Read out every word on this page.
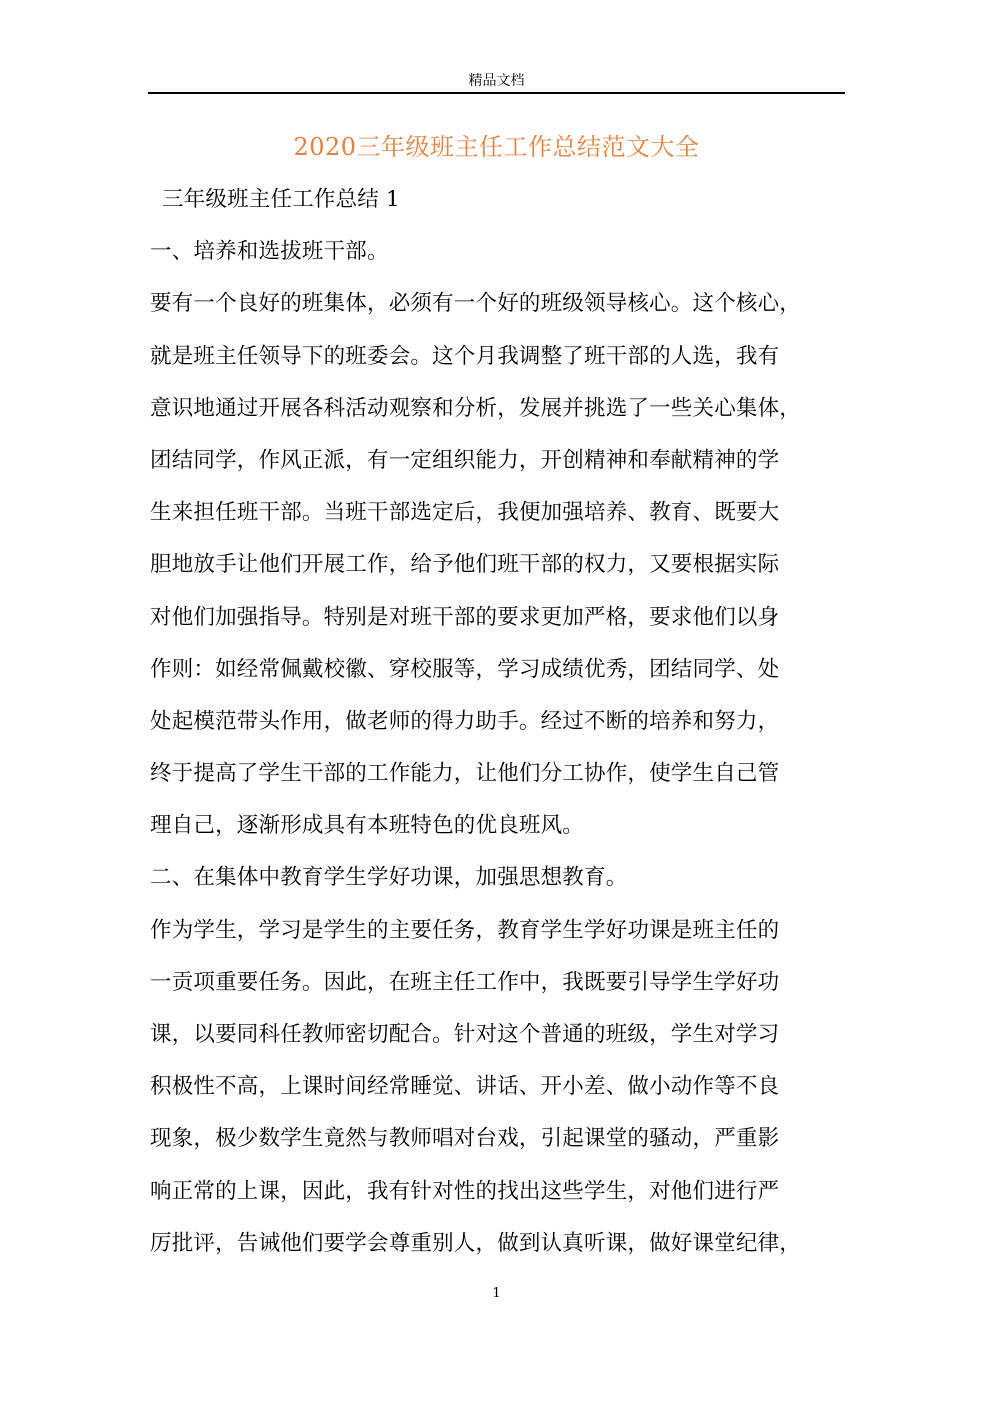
精品文档
2020三年级班主任工作总结范文大全
三年级班主任工作总结 1
一、培养和选拔班干部。
要有一个良好的班集体，必须有一个好的班级领导核心。这个核心，
就是班主任领导下的班委会。这个月我调整了班干部的人选，我有
意识地通过开展各科活动观察和分析，发展并挑选了一些关心集体，
团结同学，作风正派，有一定组织能力，开创精神和奉献精神的学
生来担任班干部。当班干部选定后，我便加强培养、教育、既要大
胆地放手让他们开展工作，给予他们班干部的权力，又要根据实际
对他们加强指导。特别是对班干部的要求更加严格，要求他们以身
作则：如经常佩戴校徽、穿校服等，学习成绩优秀，团结同学、处
处起模范带头作用，做老师的得力助手。经过不断的培养和努力，
终于提高了学生干部的工作能力，让他们分工协作，使学生自己管
理自己，逐渐形成具有本班特色的优良班风。
二、在集体中教育学生学好功课，加强思想教育。
作为学生，学习是学生的主要任务，教育学生学好功课是班主任的
一贡项重要任务。因此，在班主任工作中，我既要引导学生学好功
课，以要同科任教师密切配合。针对这个普通的班级，学生对学习
积极性不高，上课时间经常睡觉、讲话、开小差、做小动作等不良
现象，极少数学生竟然与教师唱对台戏，引起课堂的骚动，严重影
响正常的上课，因此，我有针对性的找出这些学生，对他们进行严
厉批评，告诫他们要学会尊重别人，做到认真听课，做好课堂纪律，
1
